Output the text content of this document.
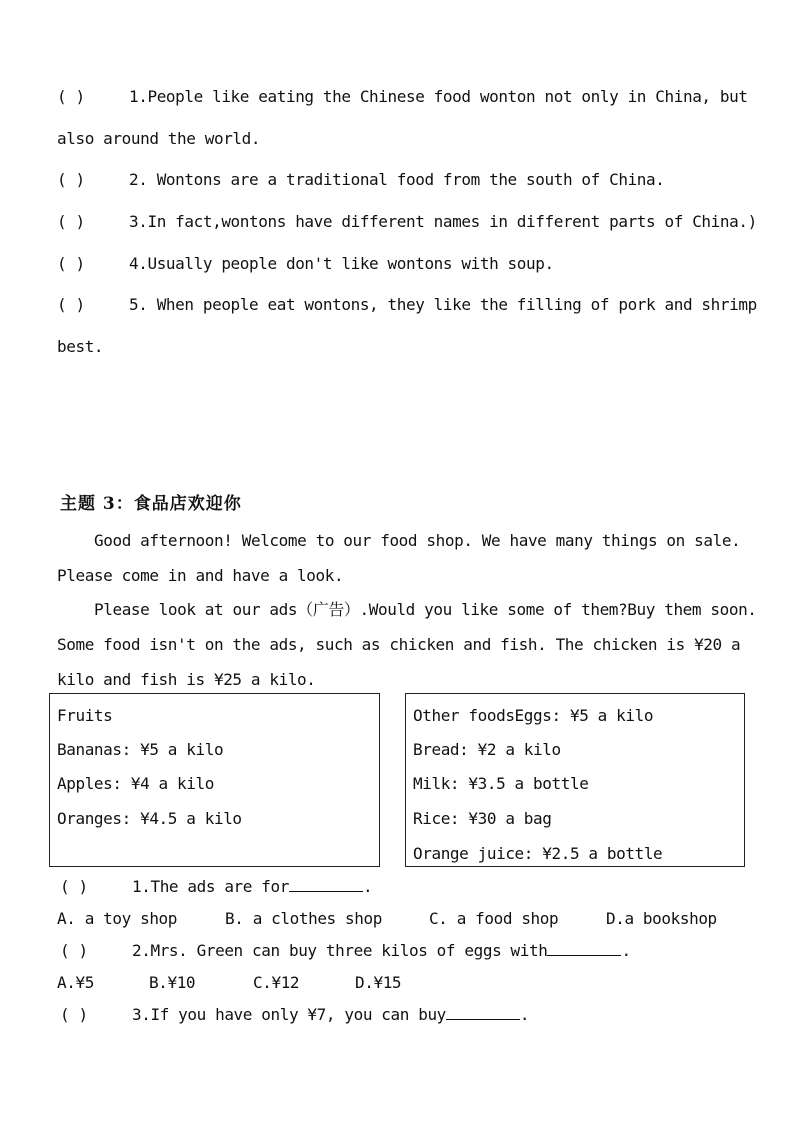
( )	1.People like eating the Chinese food wonton not only in China, but
also around the world.
( )	2. Wontons are a traditional food from the south of China.
( )	3.In fact,wontons have different names in different parts of China.)
( )	4.Usually people don't like wontons with soup.
( )	5. When people eat wontons, they like the filling of pork and shrimp
best.
主题 3：食品店欢迎你
Good afternoon! Welcome to our food shop. We have many things on sale.
Please come in and have a look.
Please look at our ads（广告）.Would you like some of them?Buy them soon.
Some food isn't on the ads, such as chicken and fish. The chicken is ¥20 a
kilo and fish is ¥25 a kilo.
Fruits
Bananas: ¥5 a kilo
Apples: ¥4 a kilo
Oranges: ¥4.5 a kilo
Other foodsEggs: ¥5 a kilo
Bread: ¥2 a kilo
Milk: ¥3.5 a bottle
Rice: ¥30 a bag
Orange juice: ¥2.5 a bottle
( )	1.The ads are for	.
A. a toy shop	B. a clothes shop	C. a food shop	D.a bookshop
( )	2.Mrs. Green can buy three kilos of eggs with	.
A.¥5	B.¥10	C.¥12	D.¥15
( )	3.If you have only ¥7, you can buy	.
